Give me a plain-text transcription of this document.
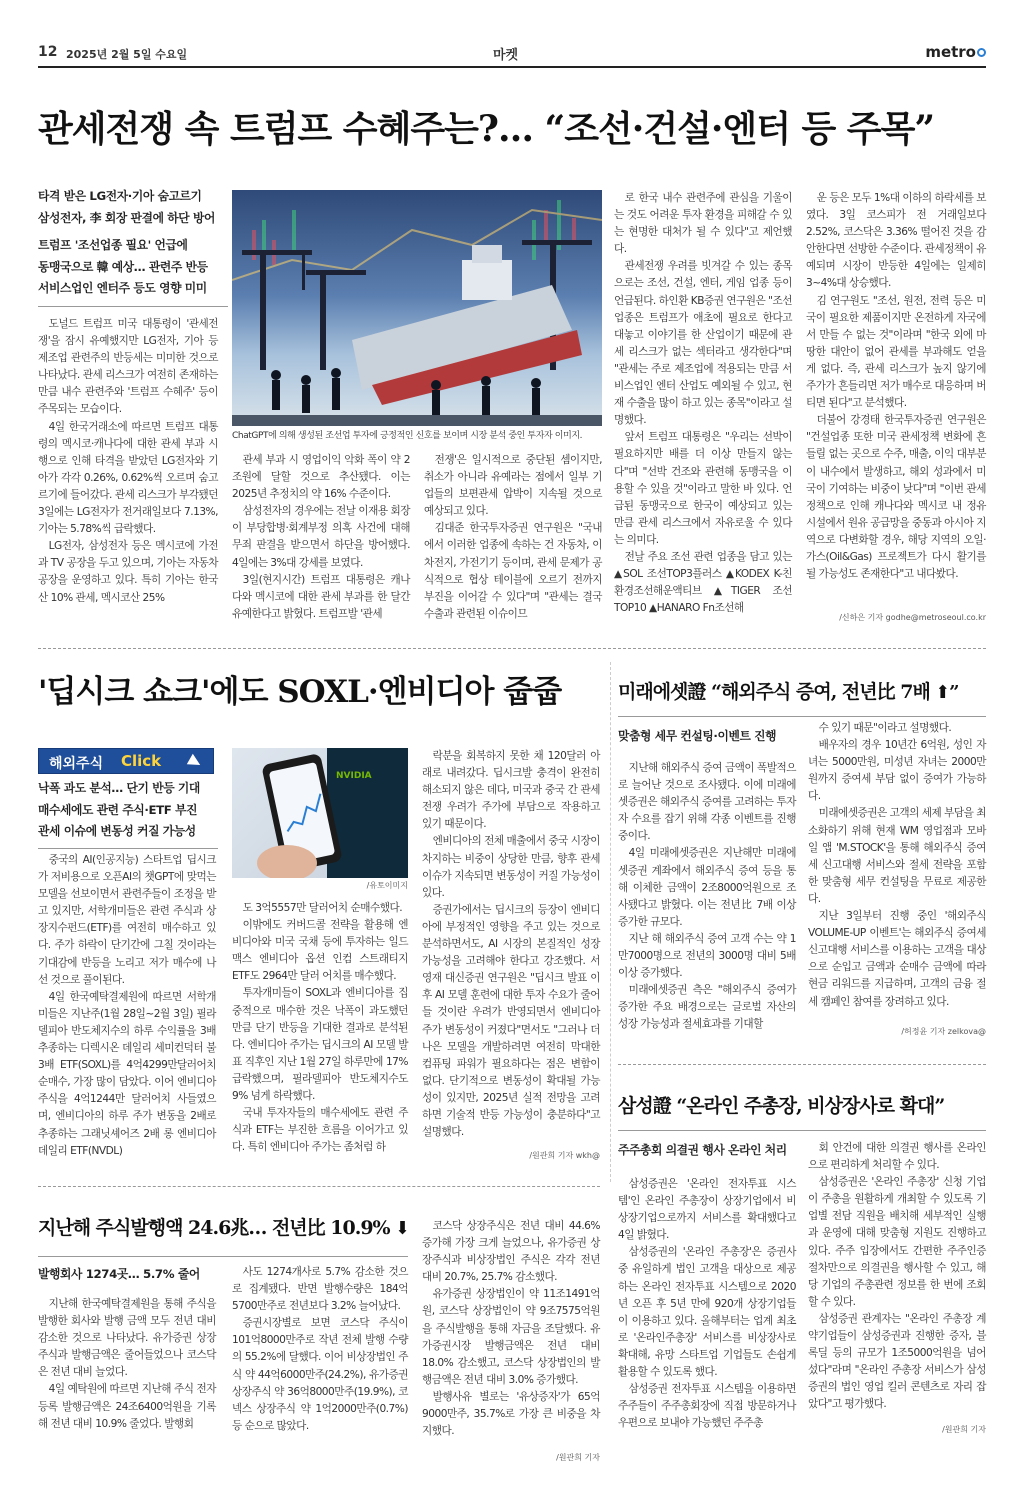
12 2025년 2월 5일 수요일	마켓	metro
관세전쟁 속 트럼프 수혜주는?… “조선·건설·엔터 등 주목”
타격 받은 LG전자·기아 숨고르기
삼성전자, 李 회장 판결에 하단 방어
트럼프 '조선업종 필요' 언급에
동맹국으로 韓 예상… 관련주 반등
서비스업인 엔터주 등도 영향 미미
ChatGPT에 의해 생성된 조선업 투자에 긍정적인 신호를 보이며 시장 분석 중인 투자자 이미지.

도널드 트럼프 미국 대통령이 '관세전쟁'을 잠시 유예했지만 LG전자, 기아 등 제조업 관련주의 반등세는 미미한 것으로 나타났다. 관세 리스크가 여전히 존재하는 만큼 내수 관련주와 '트럼프 수혜주' 등이 주목되는 모습이다.

4일 한국거래소에 따르면 트럼프 대통령의 멕시코·캐나다에 대한 관세 부과 시행으로 인해 타격을 받았던 LG전자와 기아가 각각 0.26%, 0.62%씩 오르며 숨고르기에 들어갔다. 관세 리스크가 부각됐던 3일에는 LG전자가 전거래일보다 7.13%, 기아는 5.78%씩 급락했다.

LG전자, 삼성전자 등은 멕시코에 가전과 TV 공장을 두고 있으며, 기아는 자동차 공장을 운영하고 있다. 특히 기아는 한국산 10% 관세, 멕시코산 25%

관세 부과 시 영업이익 악화 폭이 약 2조원에 달할 것으로 추산됐다. 이는 2025년 추정치의 약 16% 수준이다.

삼성전자의 경우에는 전날 이재용 회장이 부당합병·회계부정 의혹 사건에 대해 무죄 판결을 받으면서 하단을 방어했다. 4일에는 3%대 강세를 보였다.

3일(현지시간) 트럼프 대통령은 캐나다와 멕시코에 대한 관세 부과를 한 달간 유예한다고 밝혔다. 트럼프발 '관세

전쟁'은 일시적으로 중단된 셈이지만, 취소가 아니라 유예라는 점에서 일부 기업들의 보편관세 압박이 지속될 것으로 예상되고 있다.

김대준 한국투자증권 연구원은 "국내에서 이러한 업종에 속하는 건 자동차, 이차전지, 가전기기 등이며, 관세 문제가 공식적으로 협상 테이블에 오르기 전까지 부진을 이어갈 수 있다"며 "관세는 결국 수출과 관련된 이슈이므

로 한국 내수 관련주에 관심을 기울이는 것도 어려운 투자 환경을 피해갈 수 있는 현명한 대처가 될 수 있다"고 제언했다.

관세전쟁 우려를 빗겨갈 수 있는 종목으로는 조선, 건설, 엔터, 게임 업종 등이 언급된다. 하인환 KB증권 연구원은 "조선 업종은 트럼프가 애초에 필요로 한다고 대놓고 이야기를 한 산업이기 때문에 관세 리스크가 없는 섹터라고 생각한다"며 "관세는 주로 제조업에 적용되는 만큼 서비스업인 엔터 산업도 예외될 수 있고, 현재 수출을 많이 하고 있는 종목"이라고 설명했다.

앞서 트럼프 대통령은 "우리는 선박이 필요하지만 배를 더 이상 만들지 않는다"며 "선박 건조와 관련해 동맹국을 이용할 수 있을 것"이라고 말한 바 있다. 언급된 동맹국으로 한국이 예상되고 있는 만큼 관세 리스크에서 자유로울 수 있다는 의미다.

전날 주요 조선 관련 업종을 담고 있는 ▲SOL 조선TOP3플러스 ▲KODEX K-친환경조선해운액티브 ▲TIGER 조선TOP10 ▲HANARO Fn조선해

운 등은 모두 1%대 이하의 하락세를 보였다. 3일 코스피가 전 거래일보다 2.52%, 코스닥은 3.36% 떨어진 것을 감안한다면 선방한 수준이다. 관세정책이 유예되며 시장이 반등한 4일에는 일제히 3~4%대 상승했다.

김 연구원도 "조선, 원전, 전력 등은 미국이 필요한 제품이지만 온전하게 자국에서 만들 수 없는 것"이라며 "한국 외에 마땅한 대안이 없어 관세를 부과해도 얻을 게 없다. 즉, 관세 리스크가 높지 않기에 주가가 흔들리면 저가 매수로 대응하며 버티면 된다"고 분석했다.

더불어 강경태 한국투자증권 연구원은 "건설업종 또한 미국 관세정책 변화에 흔들릴 없는 곳으로 수주, 매출, 이익 대부분이 내수에서 발생하고, 해외 성과에서 미국이 기여하는 비중이 낮다"며 "이번 관세 정책으로 인해 캐나다와 멕시코 내 정유 시설에서 원유 공급망을 중동과 아시아 지역으로 다변화할 경우, 해당 지역의 오일·가스(Oil&Gas) 프로젝트가 다시 활기를 될 가능성도 존재한다"고 내다봤다.

/신하은 기자 godhe@metroseoul.co.kr
'딥시크 쇼크'에도 SOXL·엔비디아 줍줍
해외주식 Click
낙폭 과도 분석… 단기 반등 기대
매수세에도 관련 주식·ETF 부진
관세 이슈에 변동성 커질 가능성

중국의 AI(인공지능) 스타트업 딥시크가 저비용으로 오픈AI의 챗GPT에 맞먹는 모델을 선보이면서 관련주들이 조정을 받고 있지만, 서학개미들은 관련 주식과 상장지수펀드(ETF)를 여전히 매수하고 있다. 주가 하락이 단기간에 그칠 것이라는 기대감에 반등을 노리고 저가 매수에 나선 것으로 풀이된다.

4일 한국예탁결제원에 따르면 서학개미들은 지난주(1월 28일~2월 3일) 필라델피아 반도체지수의 하루 수익률을 3배 추종하는 디렉시온 데일리 세미컨덕터 불 3배 ETF(SOXL)를 4억4299만달러어치 순매수, 가장 많이 담았다. 이어 엔비디아 주식을 4억1244만 달러어치 사들였으며, 엔비디아의 하루 주가 변동을 2배로 추종하는 그래닛셰어즈 2배 롱 엔비디아 데일리 ETF(NVDL)

NVIDIA
/유토이미지

도 3억5557만 달러어치 순매수했다.

이밖에도 커버드콜 전략을 활용해 엔비디아와 미국 국채 등에 투자하는 일드맥스 엔비디아 옵션 인컴 스트래티지 ETF도 2964만 달러 어치를 매수했다.

투자개미들이 SOXL과 엔비디아를 집중적으로 매수한 것은 낙폭이 과도했던 만큼 단기 반등을 기대한 결과로 분석된다. 엔비디아 주가는 딥시크의 AI 모델 발표 직후인 지난 1월 27일 하루만에 17% 급락했으며, 필라델피아 반도체지수도 9% 넘게 하락했다.

국내 투자자들의 매수세에도 관련 주식과 ETF는 부진한 흐름을 이어가고 있다. 특히 엔비디아 주가는 좀처럼 하

락분을 회복하지 못한 채 120달러 아래로 내려갔다. 딥시크발 충격이 완전히 해소되지 않은 데다, 미국과 중국 간 관세 전쟁 우려가 주가에 부담으로 작용하고 있기 때문이다.

엔비디아의 전체 매출에서 중국 시장이 차지하는 비중이 상당한 만큼, 향후 관세 이슈가 지속되면 변동성이 커질 가능성이 있다.

증권가에서는 딥시크의 등장이 엔비디아에 부정적인 영향을 주고 있는 것으로 분석하면서도, AI 시장의 본질적인 성장 가능성을 고려해야 한다고 강조했다. 서영재 대신증권 연구원은 "딥시크 발표 이후 AI 모델 훈련에 대한 투자 수요가 줄어들 것이란 우려가 반영되면서 엔비디아 주가 변동성이 커졌다"면서도 "그러나 더 나은 모델을 개발하려면 여전히 막대한 컴퓨팅 파워가 필요하다는 점은 변함이 없다. 단기적으로 변동성이 확대될 가능성이 있지만, 2025년 실적 전망을 고려하면 기술적 반등 가능성이 충분하다"고 설명했다.

/원관희 기자 wkh@
미래에셋證 “해외주식 증여, 전년比 7배 ⬆”
맞춤형 세무 컨설팅·이벤트 진행

지난해 해외주식 증여 금액이 폭발적으로 늘어난 것으로 조사됐다. 이에 미래에셋증권은 해외주식 증여를 고려하는 투자자 수요를 잡기 위해 각종 이벤트를 진행 중이다.

4일 미래에셋증권은 지난해만 미래에셋증권 계좌에서 해외주식 증여 등을 통해 이체한 금액이 2조8000억원으로 조사됐다고 밝혔다. 이는 전년比 7배 이상 증가한 규모다.

지난 해 해외주식 증여 고객 수는 약 1만7000명으로 전년의 3000명 대비 5배 이상 증가했다.

미래에셋증권 측은 "해외주식 증여가 증가한 주요 배경으로는 글로벌 자산의 성장 가능성과 절세효과를 기대할

수 있기 때문"이라고 설명했다.

배우자의 경우 10년간 6억원, 성인 자녀는 5000만원, 미성년 자녀는 2000만원까지 증여세 부담 없이 증여가 가능하다.

미래에셋증권은 고객의 세제 부담을 최소화하기 위해 현재 WM 영업점과 모바일 앱 'M.STOCK'을 통해 해외주식 증여세 신고대행 서비스와 절세 전략을 포함한 맞춤형 세무 컨설팅을 무료로 제공한다.

지난 3일부터 진행 중인 '해외주식 VOLUME-UP 이벤트'는 해외주식 증여세 신고대행 서비스를 이용하는 고객을 대상으로 순입고 금액과 순매수 금액에 따라 현금 리워드를 지급하며, 고객의 금융 절세 캠페인 참여를 장려하고 있다.

/허정윤 기자 zelkova@
삼성證 “온라인 주총장, 비상장사로 확대”
주주총회 의결권 행사 온라인 처리

삼성증권은 '온라인 전자투표 시스템'인 온라인 주총장이 상장기업에서 비상장기업으로까지 서비스를 확대했다고 4일 밝혔다.

삼성증권의 '온라인 주총장'은 증권사 중 유일하게 법인 고객을 대상으로 제공하는 온라인 전자투표 시스템으로 2020년 오픈 후 5년 만에 920개 상장기업들이 이용하고 있다. 올해부터는 업계 최초로 '온라인주총장' 서비스를 비상장사로 확대해, 유망 스타트업 기업들도 손쉽게 활용할 수 있도록 했다.

삼성증권 전자투표 시스템을 이용하면 주주들이 주주총회장에 직접 방문하거나 우편으로 보내야 가능했던 주주총

회 안건에 대한 의결권 행사를 온라인으로 편리하게 처리할 수 있다.

삼성증권은 '온라인 주총장' 신청 기업이 주총을 원활하게 개최할 수 있도록 기업별 전담 직원을 배치해 세부적인 실행과 운영에 대해 맞춤형 지원도 진행하고 있다. 주주 입장에서도 간편한 주주인증 절차만으로 의결권을 행사할 수 있고, 해당 기업의 주총관련 정보를 한 번에 조회할 수 있다.

삼성증권 관계자는 "온라인 주총장 계약기업들이 삼성증권과 진행한 증자, 블록딜 등의 규모가 1조5000억원을 넘어섰다"라며 "온라인 주총장 서비스가 삼성증권의 법인 영업 킬러 콘텐츠로 자리 잡았다"고 평가했다.

/원관희 기자
지난해 주식발행액 24.6兆… 전년比 10.9% ⬇
발행회사 1274곳… 5.7% 줄어

지난해 한국예탁결제원을 통해 주식을 발행한 회사와 발행 금액 모두 전년 대비 감소한 것으로 나타났다. 유가증권 상장주식과 발행금액은 줄어들었으나 코스닥은 전년 대비 늘었다.

4일 예탁원에 따르면 지난해 주식 전자등록 발행금액은 24조6400억원을 기록해 전년 대비 10.9% 줄었다. 발행회

사도 1274개사로 5.7% 감소한 것으로 집계됐다. 반면 발행수량은 184억5700만주로 전년보다 3.2% 늘어났다.

증권시장별로 보면 코스닥 주식이 101억8000만주로 작년 전체 발행 수량의 55.2%에 달했다. 이어 비상장법인 주식 약 44억6000만주(24.2%), 유가증권 상장주식 약 36억8000만주(19.9%), 코넥스 상장주식 약 1억2000만주(0.7%) 등 순으로 많았다.

코스닥 상장주식은 전년 대비 44.6% 증가해 가장 크게 늘었으나, 유가증권 상장주식과 비상장법인 주식은 각각 전년 대비 20.7%, 25.7% 감소했다.

유가증권 상장법인이 약 11조1491억원, 코스닥 상장법인이 약 9조7575억원을 주식발행을 통해 자금을 조달했다. 유가증권시장 발행금액은 전년 대비 18.0% 감소했고, 코스닥 상장법인의 발행금액은 전년 대비 3.0% 증가했다.

발행사유 별로는 '유상증자'가 65억9000만주, 35.7%로 가장 큰 비중을 차지했다.

/원관희 기자
